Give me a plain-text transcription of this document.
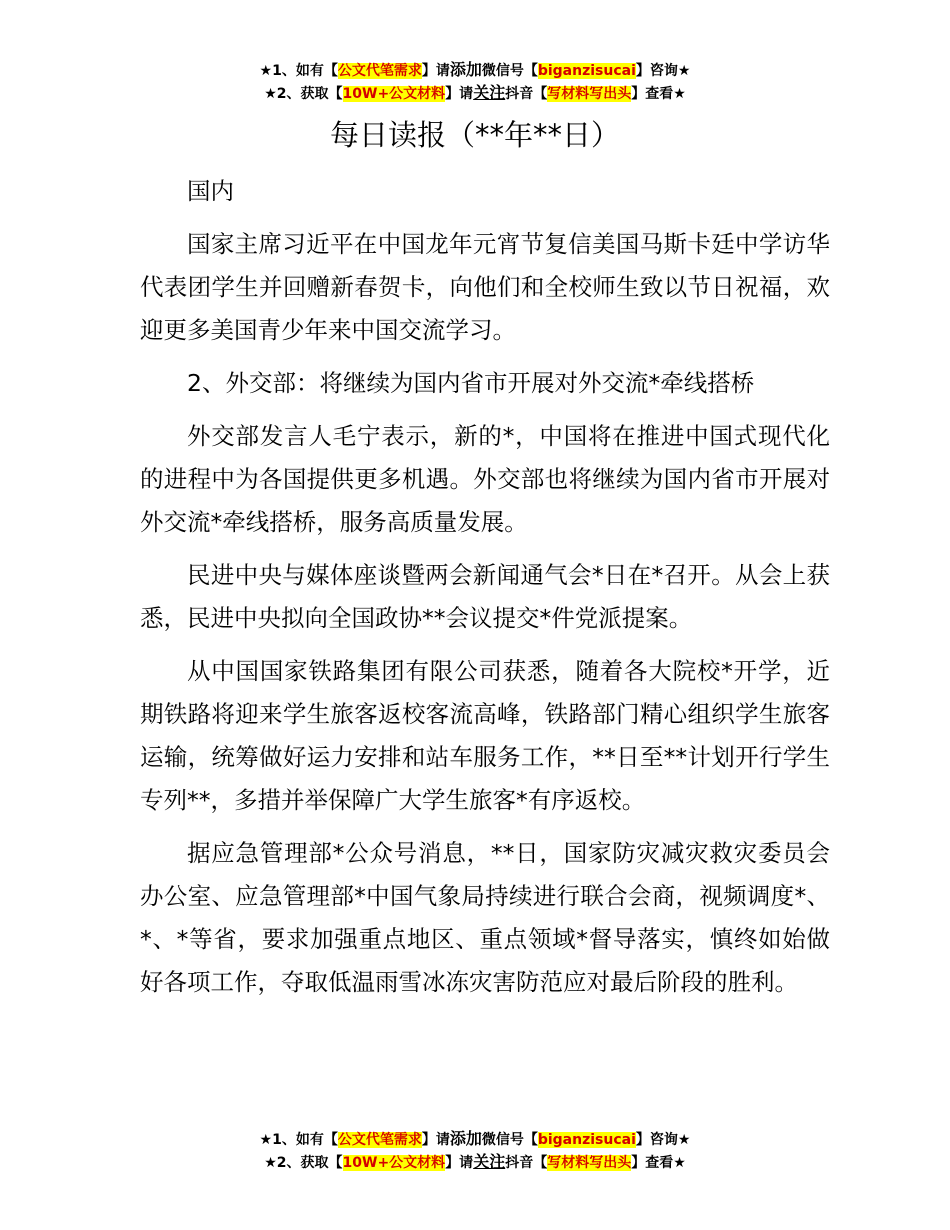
★1、如有【公文代笔需求】请添加微信号【biganzisucai】咨询★
★2、获取【10W+公文材料】请关注抖音【写材料写出头】查看★
每日读报（**年**日）

国内

国家主席习近平在中国龙年元宵节复信美国马斯卡廷中学访华代表团学生并回赠新春贺卡，向他们和全校师生致以节日祝福，欢迎更多美国青少年来中国交流学习。

2、外交部：将继续为国内省市开展对外交流*牵线搭桥

外交部发言人毛宁表示，新的*，中国将在推进中国式现代化的进程中为各国提供更多机遇。外交部也将继续为国内省市开展对外交流*牵线搭桥，服务高质量发展。

民进中央与媒体座谈暨两会新闻通气会*日在*召开。从会上获悉，民进中央拟向全国政协**会议提交*件党派提案。

从中国国家铁路集团有限公司获悉，随着各大院校*开学，近期铁路将迎来学生旅客返校客流高峰，铁路部门精心组织学生旅客运输，统筹做好运力安排和站车服务工作，**日至**计划开行学生专列**，多措并举保障广大学生旅客*有序返校。

据应急管理部*公众号消息，**日，国家防灾减灾救灾委员会办公室、应急管理部*中国气象局持续进行联合会商，视频调度*、*、*等省，要求加强重点地区、重点领域*督导落实，慎终如始做好各项工作，夺取低温雨雪冰冻灾害防范应对最后阶段的胜利。

★1、如有【公文代笔需求】请添加微信号【biganzisucai】咨询★
★2、获取【10W+公文材料】请关注抖音【写材料写出头】查看★
